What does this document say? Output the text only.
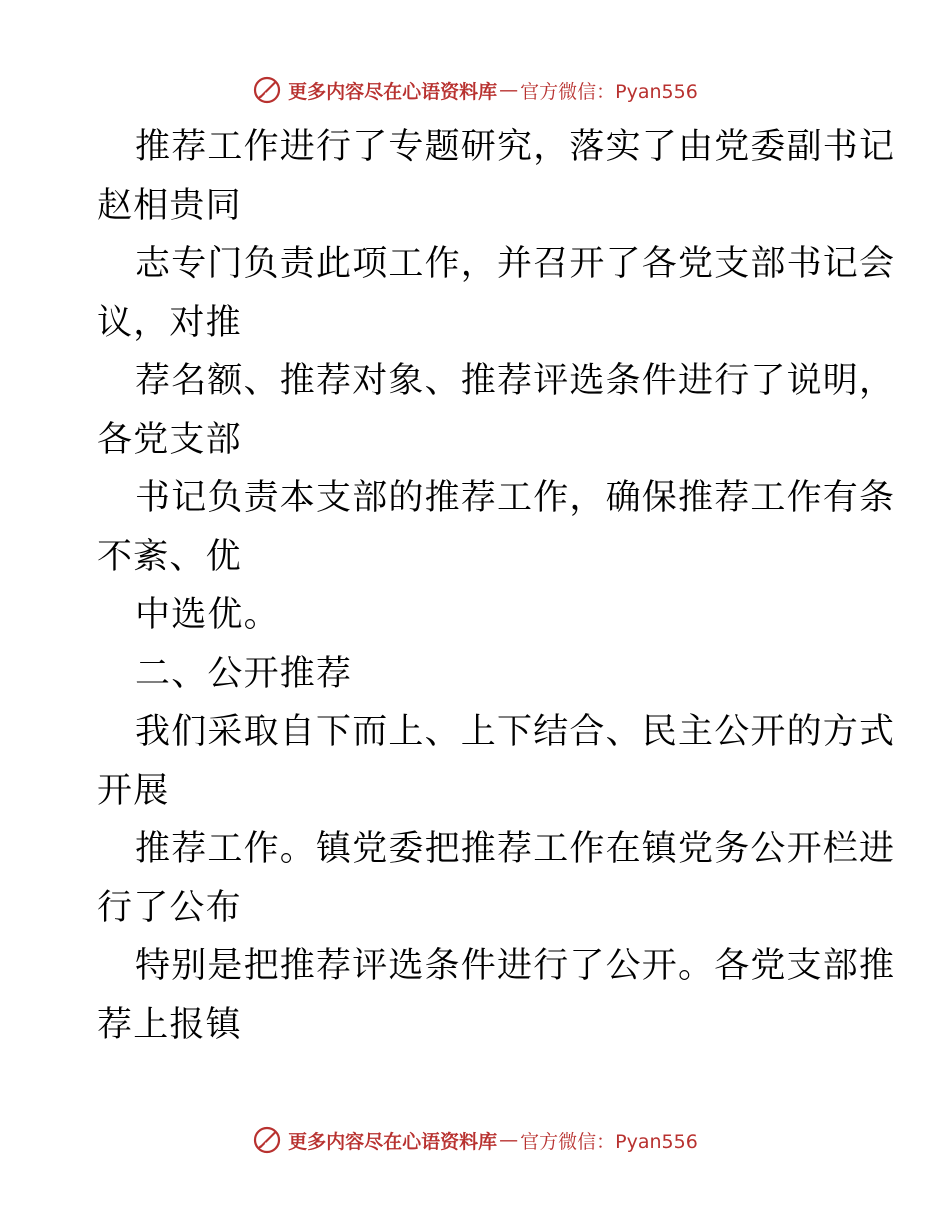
更多内容尽在心语资料库 — 官方微信：Pyan556
推荐工作进行了专题研究，落实了由党委副书记
赵相贵同
志专门负责此项工作，并召开了各党支部书记会
议，对推
荐名额、推荐对象、推荐评选条件进行了说明，
各党支部
书记负责本支部的推荐工作，确保推荐工作有条
不紊、优
中选优。
二、公开推荐
我们采取自下而上、上下结合、民主公开的方式
开展
推荐工作。镇党委把推荐工作在镇党务公开栏进
行了公布
特别是把推荐评选条件进行了公开。各党支部推
荐上报镇
更多内容尽在心语资料库 — 官方微信：Pyan556
